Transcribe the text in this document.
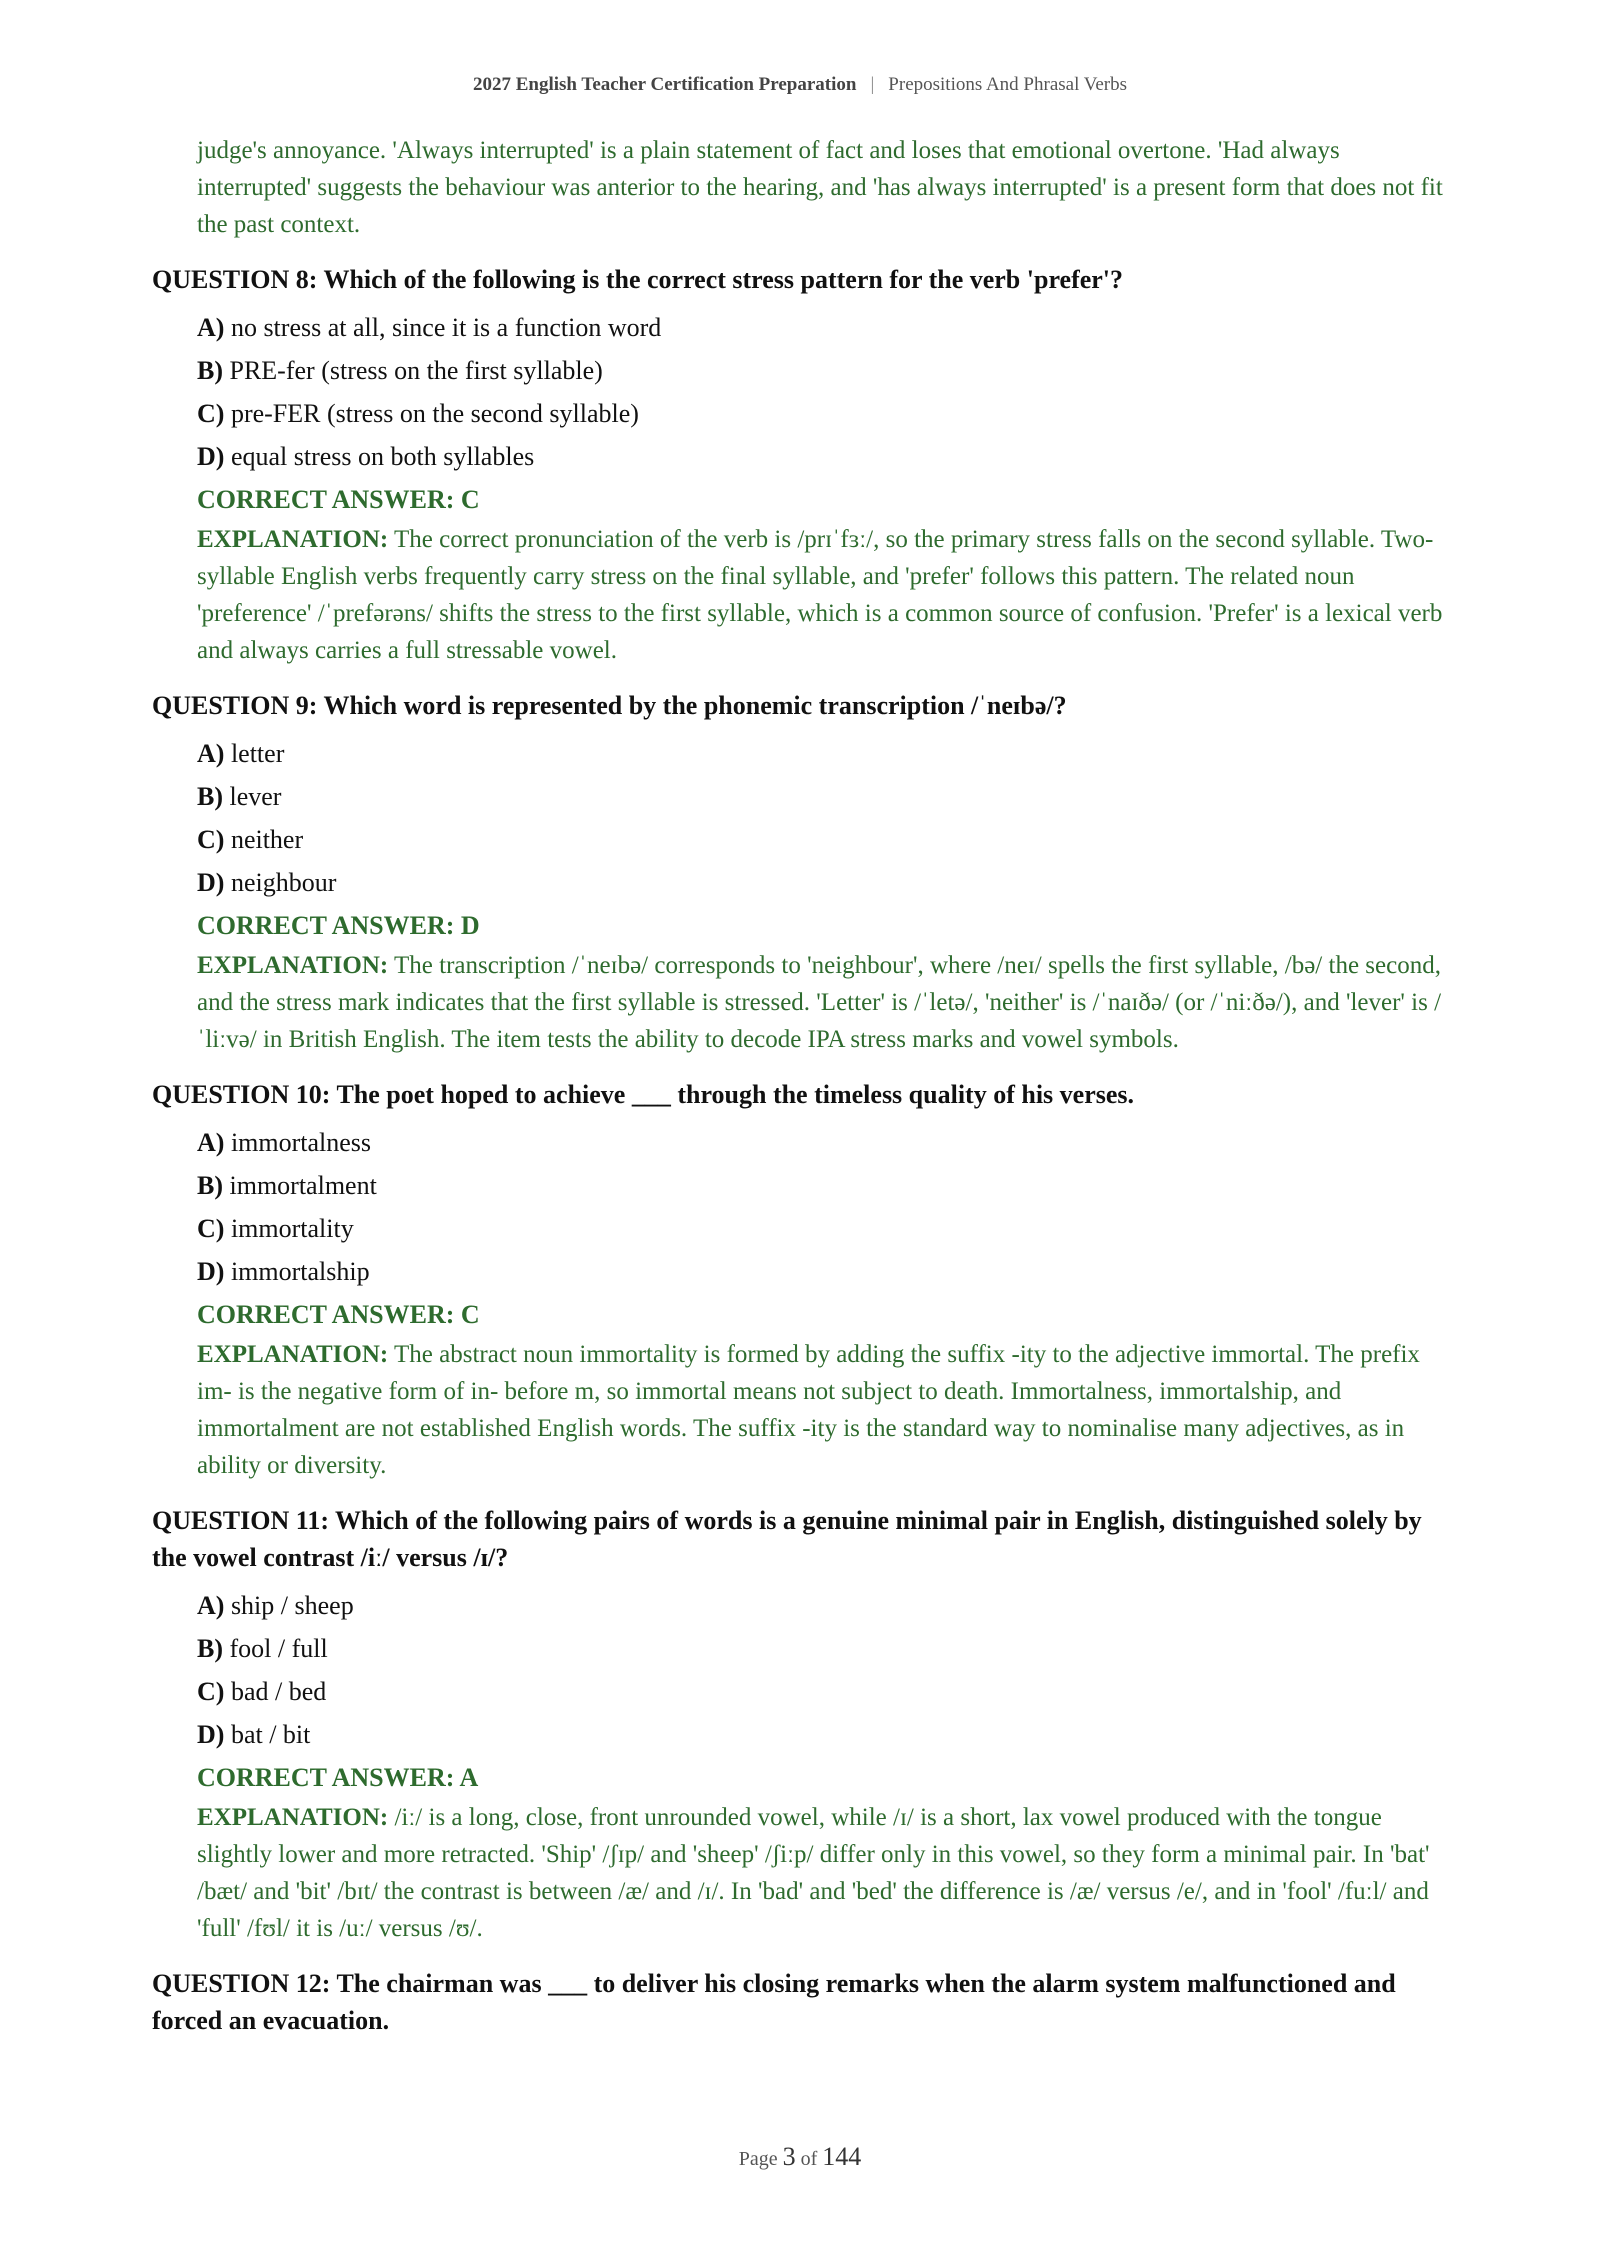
2027 English Teacher Certification Preparation | Prepositions And Phrasal Verbs

judge's annoyance. 'Always interrupted' is a plain statement of fact and loses that emotional overtone. 'Had always interrupted' suggests the behaviour was anterior to the hearing, and 'has always interrupted' is a present form that does not fit the past context.

QUESTION 8: Which of the following is the correct stress pattern for the verb 'prefer'?

A) no stress at all, since it is a function word

B) PRE-fer (stress on the first syllable)

C) pre-FER (stress on the second syllable)

D) equal stress on both syllables

CORRECT ANSWER: C

EXPLANATION: The correct pronunciation of the verb is /prɪˈfɜː/, so the primary stress falls on the second syllable. Two-syllable English verbs frequently carry stress on the final syllable, and 'prefer' follows this pattern. The related noun 'preference' /ˈprefərəns/ shifts the stress to the first syllable, which is a common source of confusion. 'Prefer' is a lexical verb and always carries a full stressable vowel.

QUESTION 9: Which word is represented by the phonemic transcription /ˈneɪbə/?

A) letter

B) lever

C) neither

D) neighbour

CORRECT ANSWER: D

EXPLANATION: The transcription /ˈneɪbə/ corresponds to 'neighbour', where /neɪ/ spells the first syllable, /bə/ the second, and the stress mark indicates that the first syllable is stressed. 'Letter' is /ˈletə/, 'neither' is /ˈnaɪðə/ (or /ˈniːðə/), and 'lever' is /ˈliːvə/ in British English. The item tests the ability to decode IPA stress marks and vowel symbols.

QUESTION 10: The poet hoped to achieve ___ through the timeless quality of his verses.

A) immortalness

B) immortalment

C) immortality

D) immortalship

CORRECT ANSWER: C

EXPLANATION: The abstract noun immortality is formed by adding the suffix -ity to the adjective immortal. The prefix im- is the negative form of in- before m, so immortal means not subject to death. Immortalness, immortalship, and immortalment are not established English words. The suffix -ity is the standard way to nominalise many adjectives, as in ability or diversity.

QUESTION 11: Which of the following pairs of words is a genuine minimal pair in English, distinguished solely by the vowel contrast /iː/ versus /ɪ/?

A) ship / sheep

B) fool / full

C) bad / bed

D) bat / bit

CORRECT ANSWER: A

EXPLANATION: /iː/ is a long, close, front unrounded vowel, while /ɪ/ is a short, lax vowel produced with the tongue slightly lower and more retracted. 'Ship' /ʃɪp/ and 'sheep' /ʃiːp/ differ only in this vowel, so they form a minimal pair. In 'bat' /bæt/ and 'bit' /bɪt/ the contrast is between /æ/ and /ɪ/. In 'bad' and 'bed' the difference is /æ/ versus /e/, and in 'fool' /fuːl/ and 'full' /fʊl/ it is /uː/ versus /ʊ/.

QUESTION 12: The chairman was ___ to deliver his closing remarks when the alarm system malfunctioned and forced an evacuation.

Page 3 of 144
